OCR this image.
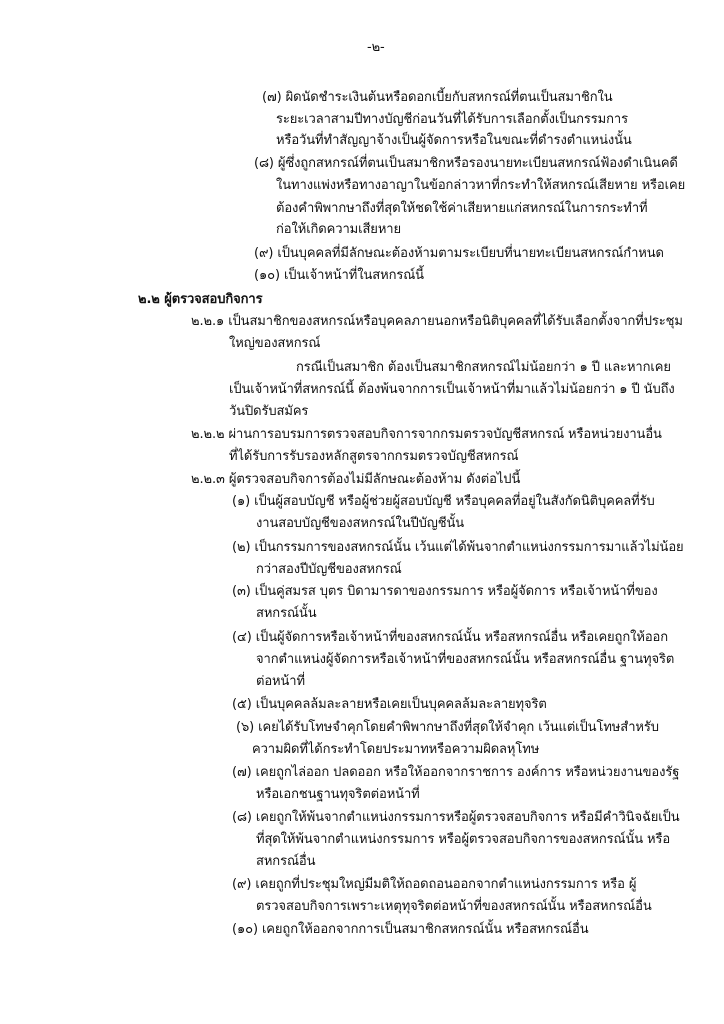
-๒-
(๗) ผิดนัดชำระเงินต้นหรือดอกเบี้ยกับสหกรณ์ที่ตนเป็นสมาชิกใน
ระยะเวลาสามปีทางบัญชีก่อนวันที่ได้รับการเลือกตั้งเป็นกรรมการ
หรือวันที่ทำสัญญาจ้างเป็นผู้จัดการหรือในขณะที่ดำรงตำแหน่งนั้น
(๘) ผู้ซึ่งถูกสหกรณ์ที่ตนเป็นสมาชิกหรือรองนายทะเบียนสหกรณ์ฟ้องดำเนินคดี
ในทางแพ่งหรือทางอาญาในข้อกล่าวหาที่กระทำให้สหกรณ์เสียหาย หรือเคย
ต้องคำพิพากษาถึงที่สุดให้ชดใช้ค่าเสียหายแก่สหกรณ์ในการกระทำที่
ก่อให้เกิดความเสียหาย
(๙) เป็นบุคคลที่มีลักษณะต้องห้ามตามระเบียบที่นายทะเบียนสหกรณ์กำหนด
(๑๐) เป็นเจ้าหน้าที่ในสหกรณ์นี้
๒.๒ ผู้ตรวจสอบกิจการ
๒.๒.๑ เป็นสมาชิกของสหกรณ์หรือบุคคลภายนอกหรือนิติบุคคลที่ได้รับเลือกตั้งจากที่ประชุม
ใหญ่ของสหกรณ์
กรณีเป็นสมาชิก ต้องเป็นสมาชิกสหกรณ์ไม่น้อยกว่า ๑ ปี และหากเคย
เป็นเจ้าหน้าที่สหกรณ์นี้ ต้องพ้นจากการเป็นเจ้าหน้าที่มาแล้วไม่น้อยกว่า ๑ ปี นับถึง
วันปิดรับสมัคร
๒.๒.๒ ผ่านการอบรมการตรวจสอบกิจการจากกรมตรวจบัญชีสหกรณ์ หรือหน่วยงานอื่น
ที่ได้รับการรับรองหลักสูตรจากกรมตรวจบัญชีสหกรณ์
๒.๒.๓ ผู้ตรวจสอบกิจการต้องไม่มีลักษณะต้องห้าม ดังต่อไปนี้
(๑) เป็นผู้สอบบัญชี หรือผู้ช่วยผู้สอบบัญชี หรือบุคคลที่อยู่ในสังกัดนิติบุคคลที่รับ
งานสอบบัญชีของสหกรณ์ในปีบัญชีนั้น
(๒) เป็นกรรมการของสหกรณ์นั้น เว้นแต่ได้พ้นจากตำแหน่งกรรมการมาแล้วไม่น้อย
กว่าสองปีบัญชีของสหกรณ์
(๓) เป็นคู่สมรส บุตร บิดามารดาของกรรมการ หรือผู้จัดการ หรือเจ้าหน้าที่ของ
สหกรณ์นั้น
(๔) เป็นผู้จัดการหรือเจ้าหน้าที่ของสหกรณ์นั้น หรือสหกรณ์อื่น หรือเคยถูกให้ออก
จากตำแหน่งผู้จัดการหรือเจ้าหน้าที่ของสหกรณ์นั้น หรือสหกรณ์อื่น ฐานทุจริต
ต่อหน้าที่
(๕) เป็นบุคคลล้มละลายหรือเคยเป็นบุคคลล้มละลายทุจริต
(๖) เคยได้รับโทษจำคุกโดยคำพิพากษาถึงที่สุดให้จำคุก เว้นแต่เป็นโทษสำหรับ
ความผิดที่ได้กระทำโดยประมาทหรือความผิดลหุโทษ
(๗) เคยถูกไล่ออก ปลดออก หรือให้ออกจากราชการ องค์การ หรือหน่วยงานของรัฐ
หรือเอกชนฐานทุจริตต่อหน้าที่
(๘) เคยถูกให้พ้นจากตำแหน่งกรรมการหรือผู้ตรวจสอบกิจการ หรือมีคำวินิจฉัยเป็น
ที่สุดให้พ้นจากตำแหน่งกรรมการ หรือผู้ตรวจสอบกิจการของสหกรณ์นั้น หรือ
สหกรณ์อื่น
(๙) เคยถูกที่ประชุมใหญ่มีมติให้ถอดถอนออกจากตำแหน่งกรรมการ หรือ ผู้
ตรวจสอบกิจการเพราะเหตุทุจริตต่อหน้าที่ของสหกรณ์นั้น หรือสหกรณ์อื่น
(๑๐) เคยถูกให้ออกจากการเป็นสมาชิกสหกรณ์นั้น หรือสหกรณ์อื่น
